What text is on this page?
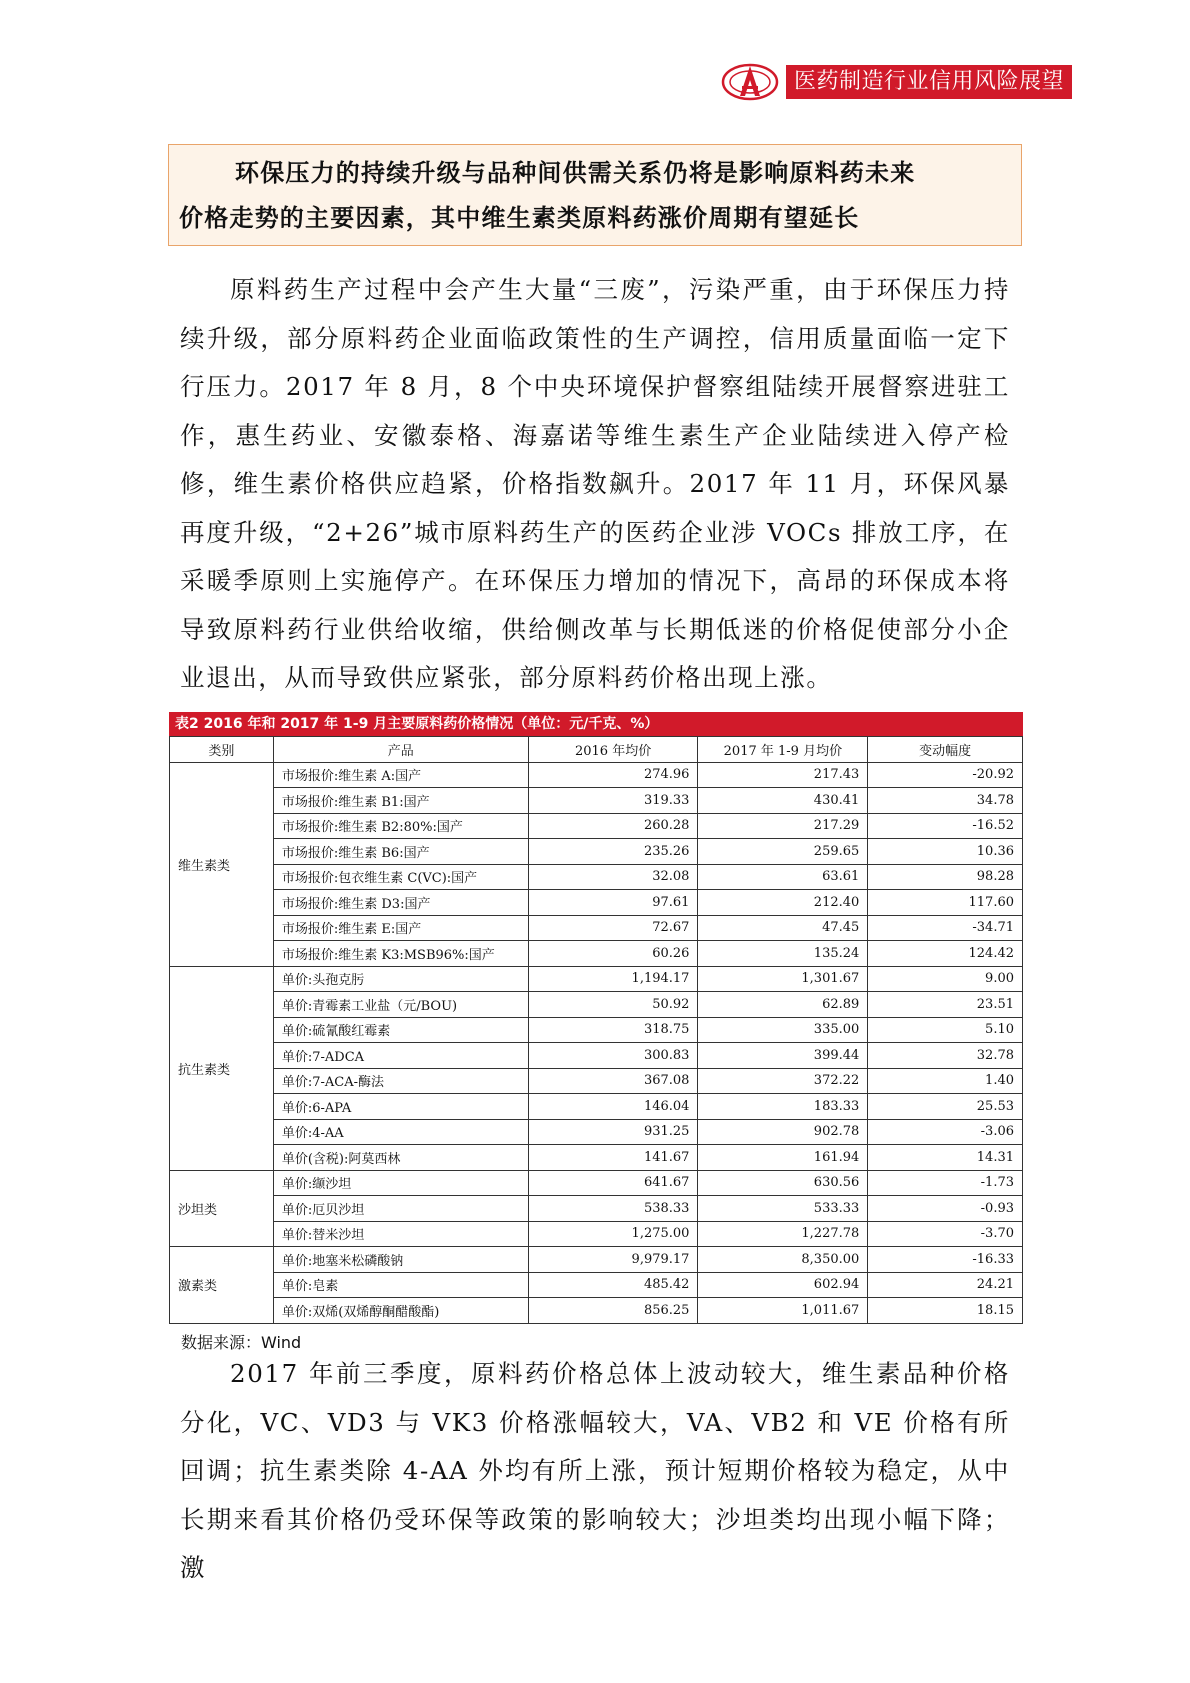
医药制造行业信用风险展望

环保压力的持续升级与品种间供需关系仍将是影响原料药未来

价格走势的主要因素，其中维生素类原料药涨价周期有望延长

原料药生产过程中会产生大量“三废”，污染严重，由于环保压力持续升级，部分原料药企业面临政策性的生产调控，信用质量面临一定下行压力。2017 年 8 月，8 个中央环境保护督察组陆续开展督察进驻工作，惠生药业、安徽泰格、海嘉诺等维生素生产企业陆续进入停产检修，维生素价格供应趋紧，价格指数飙升。2017 年 11 月，环保风暴再度升级，“2+26”城市原料药生产的医药企业涉 VOCs 排放工序，在采暖季原则上实施停产。在环保压力增加的情况下，高昂的环保成本将导致原料药行业供给收缩，供给侧改革与长期低迷的价格促使部分小企业退出，从而导致供应紧张，部分原料药价格出现上涨。

表2 2016 年和 2017 年 1-9 月主要原料药价格情况（单位：元/千克、%）
类别	产品	2016 年均价	2017 年 1-9 月均价	变动幅度
维生素类	市场报价:维生素 A:国产	274.96	217.43	-20.92
	市场报价:维生素 B1:国产	319.33	430.41	34.78
	市场报价:维生素 B2:80%:国产	260.28	217.29	-16.52
	市场报价:维生素 B6:国产	235.26	259.65	10.36
	市场报价:包衣维生素 C(VC):国产	32.08	63.61	98.28
	市场报价:维生素 D3:国产	97.61	212.40	117.60
	市场报价:维生素 E:国产	72.67	47.45	-34.71
	市场报价:维生素 K3:MSB96%:国产	60.26	135.24	124.42
抗生素类	单价:头孢克肟	1,194.17	1,301.67	9.00
	单价:青霉素工业盐（元/BOU)	50.92	62.89	23.51
	单价:硫氰酸红霉素	318.75	335.00	5.10
	单价:7-ADCA	300.83	399.44	32.78
	单价:7-ACA-酶法	367.08	372.22	1.40
	单价:6-APA	146.04	183.33	25.53
	单价:4-AA	931.25	902.78	-3.06
	单价(含税):阿莫西林	141.67	161.94	14.31
沙坦类	单价:缬沙坦	641.67	630.56	-1.73
	单价:厄贝沙坦	538.33	533.33	-0.93
	单价:替米沙坦	1,275.00	1,227.78	-3.70
激素类	单价:地塞米松磷酸钠	9,979.17	8,350.00	-16.33
	单价:皂素	485.42	602.94	24.21
	单价:双烯(双烯醇酮醋酸酯)	856.25	1,011.67	18.15
数据来源：Wind

2017 年前三季度，原料药价格总体上波动较大，维生素品种价格分化，VC、VD3 与 VK3 价格涨幅较大，VA、VB2 和 VE 价格有所回调；抗生素类除 4-AA 外均有所上涨，预计短期价格较为稳定，从中长期来看其价格仍受环保等政策的影响较大；沙坦类均出现小幅下降；激
